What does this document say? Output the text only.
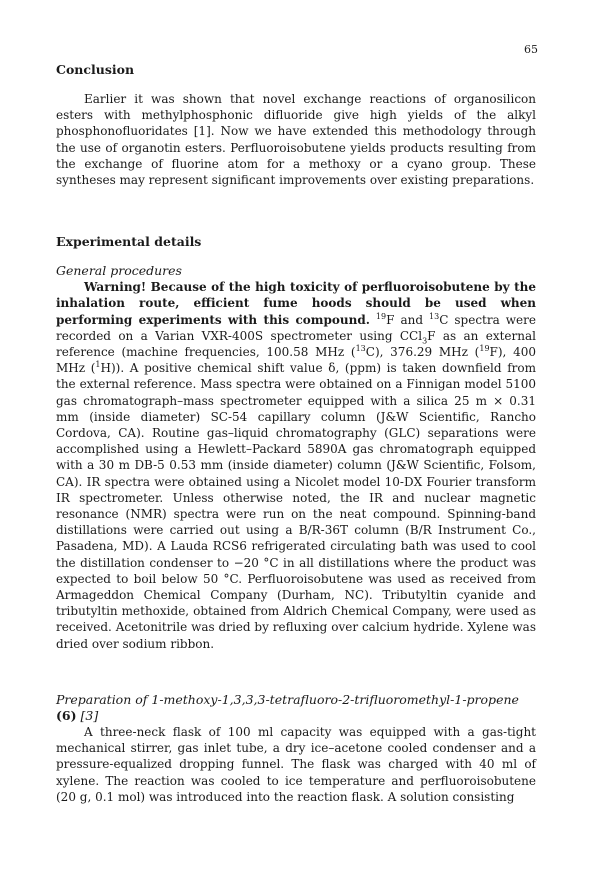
65
Conclusion

Earlier it was shown that novel exchange reactions of organosilicon esters with methylphosphonic difluoride give high yields of the alkyl phosphonofluoridates [1]. Now we have extended this methodology through the use of organotin esters. Perfluoroisobutene yields products resulting from the exchange of fluorine atom for a methoxy or a cyano group. These syntheses may represent significant improvements over existing preparations.

Experimental details
General procedures

Warning! Because of the high toxicity of perfluoroisobutene by the inhalation route, efficient fume hoods should be used when performing experiments with this compound. $^{19}$F and $^{13}$C spectra were recorded on a Varian VXR-400S spectrometer using CCl$_3$F as an external reference (machine frequencies, 100.58 MHz ($^{13}$C), 376.29 MHz ($^{19}$F), 400 MHz ($^1$H)). A positive chemical shift value δ, (ppm) is taken downfield from the external reference. Mass spectra were obtained on a Finnigan model 5100 gas chromatograph–mass spectrometer equipped with a silica 25 m × 0.31 mm (inside diameter) SC-54 capillary column (J&W Scientific, Rancho Cordova, CA). Routine gas–liquid chromatography (GLC) separations were accomplished using a Hewlett–Packard 5890A gas chromatograph equipped with a 30 m DB-5 0.53 mm (inside diameter) column (J&W Scientific, Folsom, CA). IR spectra were obtained using a Nicolet model 10-DX Fourier transform IR spectrometer. Unless otherwise noted, the IR and nuclear magnetic resonance (NMR) spectra were run on the neat compound. Spinning-band distillations were carried out using a B/R-36T column (B/R Instrument Co., Pasadena, MD). A Lauda RCS6 refrigerated circulating bath was used to cool the distillation condenser to −20 °C in all distillations where the product was expected to boil below 50 °C. Perfluoroisobutene was used as received from Armageddon Chemical Company (Durham, NC). Tributyltin cyanide and tributyltin methoxide, obtained from Aldrich Chemical Company, were used as received. Acetonitrile was dried by refluxing over calcium hydride. Xylene was dried over sodium ribbon.

Preparation of 1-methoxy-1,3,3,3-tetrafluoro-2-trifluoromethyl-1-propene (6) [3]

A three-neck flask of 100 ml capacity was equipped with a gas-tight mechanical stirrer, gas inlet tube, a dry ice–acetone cooled condenser and a pressure-equalized dropping funnel. The flask was charged with 40 ml of xylene. The reaction was cooled to ice temperature and perfluoroisobutene (20 g, 0.1 mol) was introduced into the reaction flask. A solution consisting
